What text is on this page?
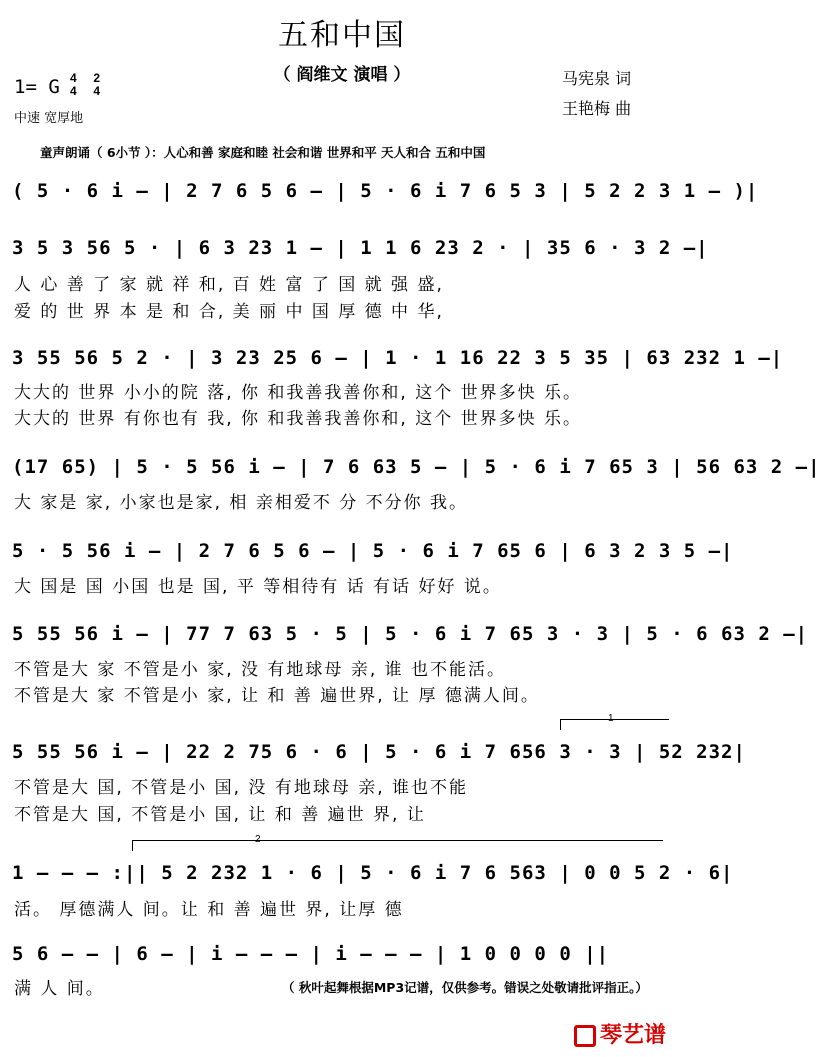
五和中国
（ 阎维文 演唱 ）
1= G 4
4 2
4
中速 宽厚地
马宪泉 词
王艳梅 曲
童声朗诵（ 6小节 ）：人心和善 家庭和睦 社会和谐 世界和平 天人和合 五和中国
( 5 · 6 i – | 2 7 6 5 6 – | 5 · 6 i 7 6 5 3 | 5 2 2 3 1 – )|
3 5 3 56 5 · | 6 3 23 1 – | 1 1 6 23 2 · | 35 6 · 3 2 –|
人 心 善 了 家 就 祥 和, 百 姓 富 了 国 就 强 盛,
爱 的 世 界 本 是 和 合, 美 丽 中 国 厚 德 中 华,
3 55 56 5 2 · | 3 23 25 6 – | 1 · 1 16 22 3 5 35 | 63 232 1 –|
大大的 世界 小小的院 落, 你 和我善我善你和, 这个 世界多快 乐。
大大的 世界 有你也有 我, 你 和我善我善你和, 这个 世界多快 乐。
(17 65) | 5 · 5 56 i – | 7 6 63 5 – | 5 · 6 i 7 65 3 | 56 63 2 –|
大 家是 家, 小家也是家, 相 亲相爱不 分 不分你 我。
5 · 5 56 i – | 2 7 6 5 6 – | 5 · 6 i 7 65 6 | 6 3 2 3 5 –|
大 国是 国 小国 也是 国, 平 等相待有 话 有话 好好 说。
5 55 56 i – | 77 7 63 5 · 5 | 5 · 6 i 7 65 3 · 3 | 5 · 6 63 2 –|
不管是大 家 不管是小 家, 没 有地球母 亲, 谁 也不能活。
不管是大 家 不管是小 家, 让 和 善 遍世界, 让 厚 德满人间。
1
5 55 56 i – | 22 2 75 6 · 6 | 5 · 6 i 7 656 3 · 3 | 52 232|
不管是大 国, 不管是小 国, 没 有地球母 亲, 谁也不能
不管是大 国, 不管是小 国, 让 和 善 遍世 界, 让
2
1 – – – :|| 5 2 232 1 · 6 | 5 · 6 i 7 6 563 | 0 0 5 2 · 6|
活。 厚德满人 间。让 和 善 遍世 界, 让厚 德
5 6 – – | 6 – | i – – – | i – – – | 1 0 0 0 0 ||
满 人 间。	（ 秋叶起舞根据MP3记谱，仅供参考。错误之处敬请批评指正。）
琴艺谱
